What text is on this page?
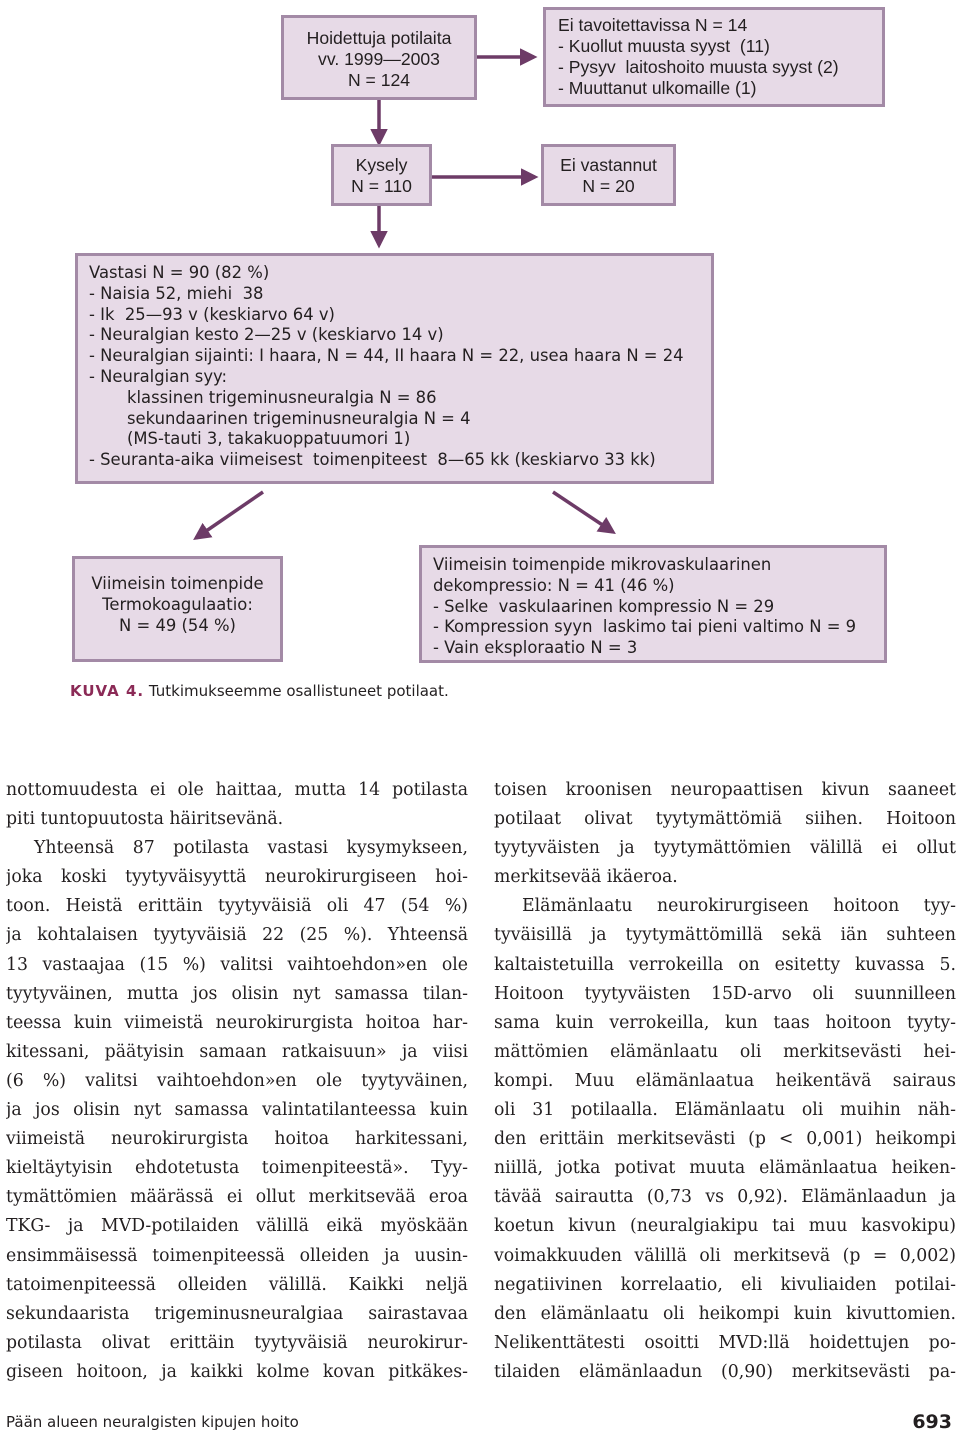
Hoidettuja potilaita
vv. 1999—2003
N = 124
Ei tavoitettavissa N = 14
- Kuollut muusta syyst  (11)
- Pysyv  laitoshoito muusta syyst (2)
- Muuttanut ulkomaille (1)
Kysely
N = 110
Ei vastannut
N = 20
Vastasi N = 90 (82 %)
- Naisia 52, miehi  38
- Ik  25—93 v (keskiarvo 64 v)
- Neuralgian kesto 2—25 v (keskiarvo 14 v)
- Neuralgian sijainti: I haara, N = 44, II haara N = 22, usea haara N = 24
- Neuralgian syy:
klassinen trigeminusneuralgia N = 86
sekundaarinen trigeminusneuralgia N = 4
(MS-tauti 3, takakuoppatuumori 1)
- Seuranta-aika viimeisest  toimenpiteest  8—65 kk (keskiarvo 33 kk)
Viimeisin toimenpide
Termokoagulaatio:
N = 49 (54 %)
Viimeisin toimenpide mikrovaskulaarinen
dekompressio: N = 41 (46 %)
- Selke  vaskulaarinen kompressio N = 29
- Kompression syyn  laskimo tai pieni valtimo N = 9
- Vain eksploraatio N = 3
KUVA 4. Tutkimukseemme osallistuneet potilaat.
nottomuudesta ei ole haittaa, mutta 14 potilasta
piti tuntopuutosta häiritsevänä.
Yhteensä 87 potilasta vastasi kysymykseen,
joka koski tyytyväisyyttä neurokirurgiseen hoi-
toon. Heistä erittäin tyytyväisiä oli 47 (54 %)
ja kohtalaisen tyytyväisiä 22 (25 %). Yhteensä
13 vastaajaa (15 %) valitsi vaihtoehdon»en ole
tyytyväinen, mutta jos olisin nyt samassa tilan-
teessa kuin viimeistä neurokirurgista hoitoa har-
kitessani, päätyisin samaan ratkaisuun» ja viisi
(6 %) valitsi vaihtoehdon»en ole tyytyväinen,
ja jos olisin nyt samassa valintatilanteessa kuin
viimeistä neurokirurgista hoitoa harkitessani,
kieltäytyisin ehdotetusta toimenpiteestä». Tyy-
tymättömien määrässä ei ollut merkitsevää eroa
TKG- ja MVD-potilaiden välillä eikä myöskään
ensimmäisessä toimenpiteessä olleiden ja uusin-
tatoimenpiteessä olleiden välillä. Kaikki neljä
sekundaarista trigeminusneuralgiaa sairastavaa
potilasta olivat erittäin tyytyväisiä neurokirur-
giseen hoitoon, ja kaikki kolme kovan pitkäkes-
toisen kroonisen neuropaattisen kivun saaneet
potilaat olivat tyytymättömiä siihen. Hoitoon
tyytyväisten ja tyytymättömien välillä ei ollut
merkitsevää ikäeroa.
Elämänlaatu neurokirurgiseen hoitoon tyy-
tyväisillä ja tyytymättömillä sekä iän suhteen
kaltaistetuilla verrokeilla on esitetty kuvassa 5.
Hoitoon tyytyväisten 15D-arvo oli suunnilleen
sama kuin verrokeilla, kun taas hoitoon tyyty-
mättömien elämänlaatu oli merkitsevästi hei-
kompi. Muu elämänlaatua heikentävä sairaus
oli 31 potilaalla. Elämänlaatu oli muihin näh-
den erittäin merkitsevästi (p < 0,001) heikompi
niillä, jotka potivat muuta elämänlaatua heiken-
tävää sairautta (0,73 vs 0,92). Elämänlaadun ja
koetun kivun (neuralgiakipu tai muu kasvokipu)
voimakkuuden välillä oli merkitsevä (p = 0,002)
negatiivinen korrelaatio, eli kivuliaiden potilai-
den elämänlaatu oli heikompi kuin kivuttomien.
Nelikenttätesti osoitti MVD:llä hoidettujen po-
tilaiden elämänlaadun (0,90) merkitsevästi pa-
Pään alueen neuralgisten kipujen hoito	693
